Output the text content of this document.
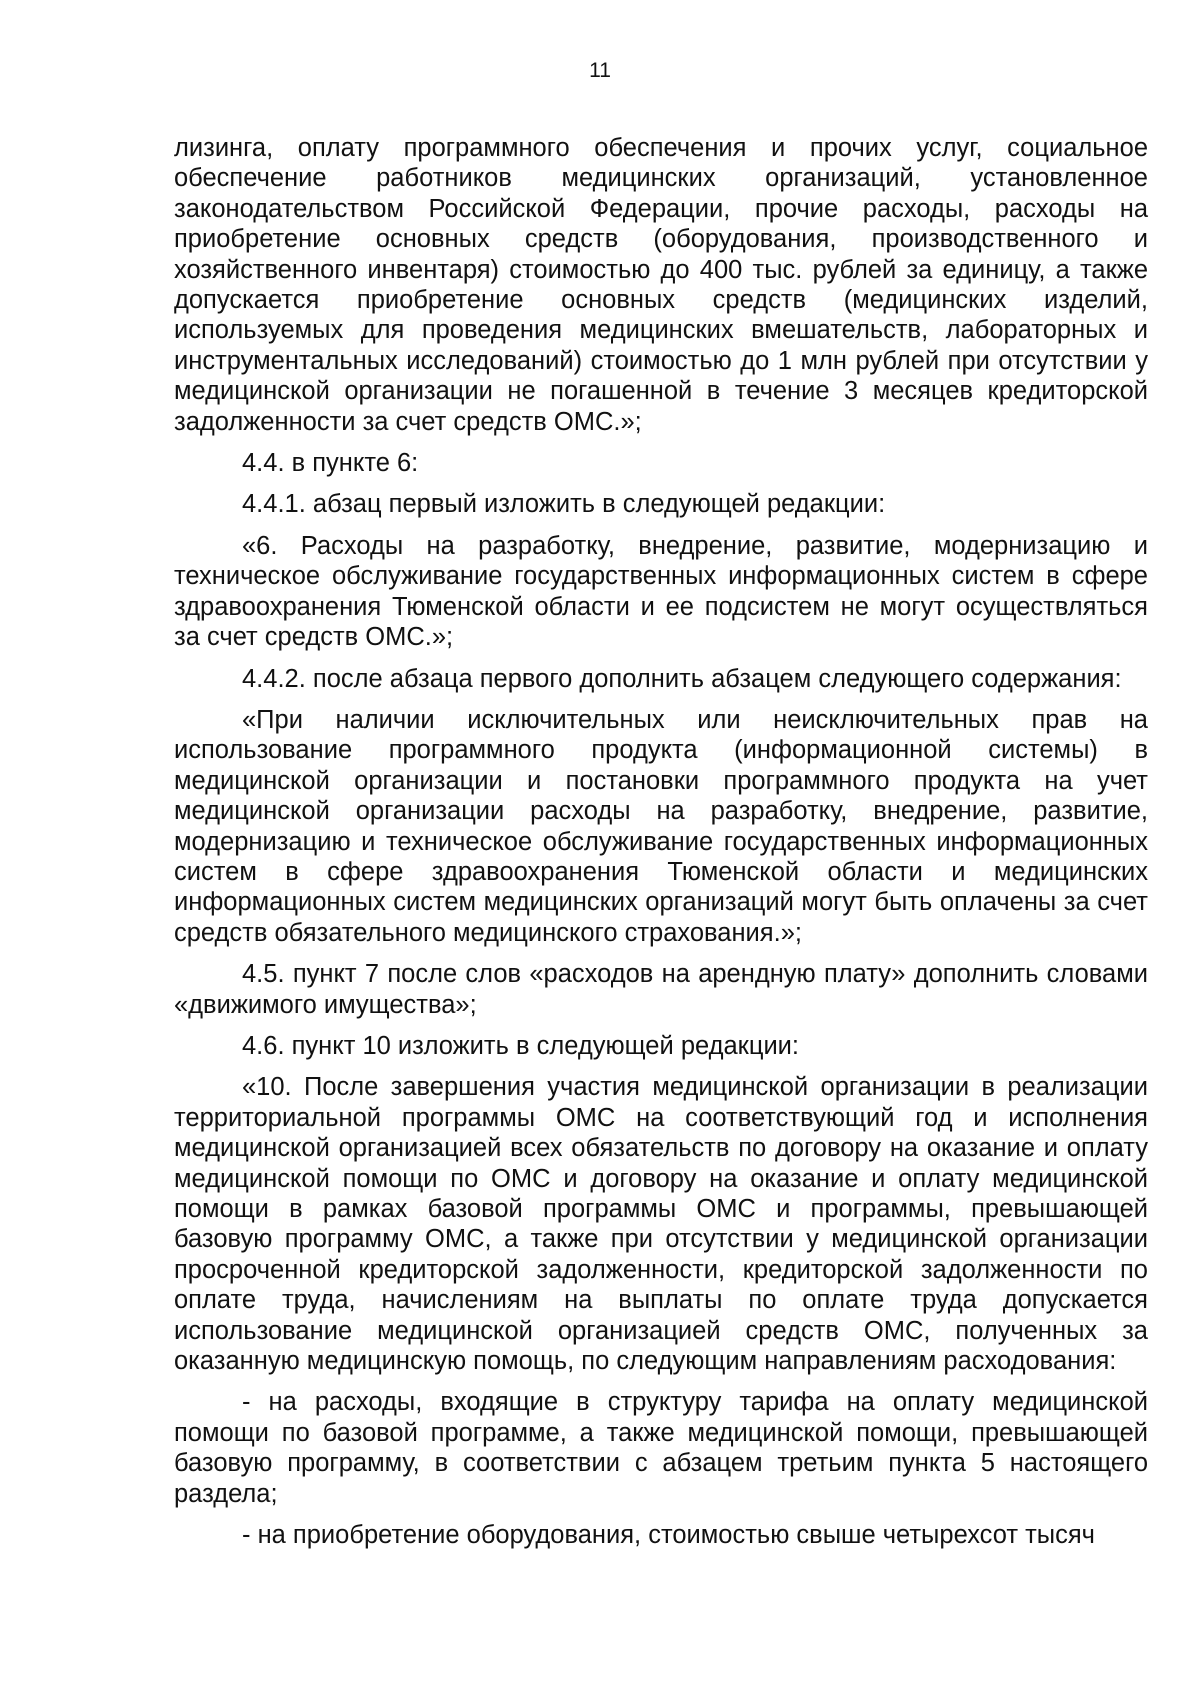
11

лизинга, оплату программного обеспечения и прочих услуг, социальное обеспечение работников медицинских организаций, установленное законодательством Российской Федерации, прочие расходы, расходы на приобретение основных средств (оборудования, производственного и хозяйственного инвентаря) стоимостью до 400 тыс. рублей за единицу, а также допускается приобретение основных средств (медицинских изделий, используемых для проведения медицинских вмешательств, лабораторных и инструментальных исследований) стоимостью до 1 млн рублей при отсутствии у медицинской организации не погашенной в течение 3 месяцев кредиторской задолженности за счет средств ОМС.»;

4.4. в пункте 6:

4.4.1. абзац первый изложить в следующей редакции:

«6. Расходы на разработку, внедрение, развитие, модернизацию и техническое обслуживание государственных информационных систем в сфере здравоохранения Тюменской области и ее подсистем не могут осуществляться за счет средств ОМС.»;

4.4.2. после абзаца первого дополнить абзацем следующего содержания:

«При наличии исключительных или неисключительных прав на использование программного продукта (информационной системы) в медицинской организации и постановки программного продукта на учет медицинской организации расходы на разработку, внедрение, развитие, модернизацию и техническое обслуживание государственных информационных систем в сфере здравоохранения Тюменской области и медицинских информационных систем медицинских организаций могут быть оплачены за счет средств обязательного медицинского страхования.»;

4.5. пункт 7 после слов «расходов на арендную плату» дополнить словами «движимого имущества»;

4.6. пункт 10 изложить в следующей редакции:

«10. После завершения участия медицинской организации в реализации территориальной программы ОМС на соответствующий год и исполнения медицинской организацией всех обязательств по договору на оказание и оплату медицинской помощи по ОМС и договору на оказание и оплату медицинской помощи в рамках базовой программы ОМС и программы, превышающей базовую программу ОМС, а также при отсутствии у медицинской организации просроченной кредиторской задолженности, кредиторской задолженности по оплате труда, начислениям на выплаты по оплате труда допускается использование медицинской организацией средств ОМС, полученных за оказанную медицинскую помощь, по следующим направлениям расходования:

- на расходы, входящие в структуру тарифа на оплату медицинской помощи по базовой программе, а также медицинской помощи, превышающей базовую программу, в соответствии с абзацем третьим пункта 5 настоящего раздела;

- на приобретение оборудования, стоимостью свыше четырехсот тысяч
